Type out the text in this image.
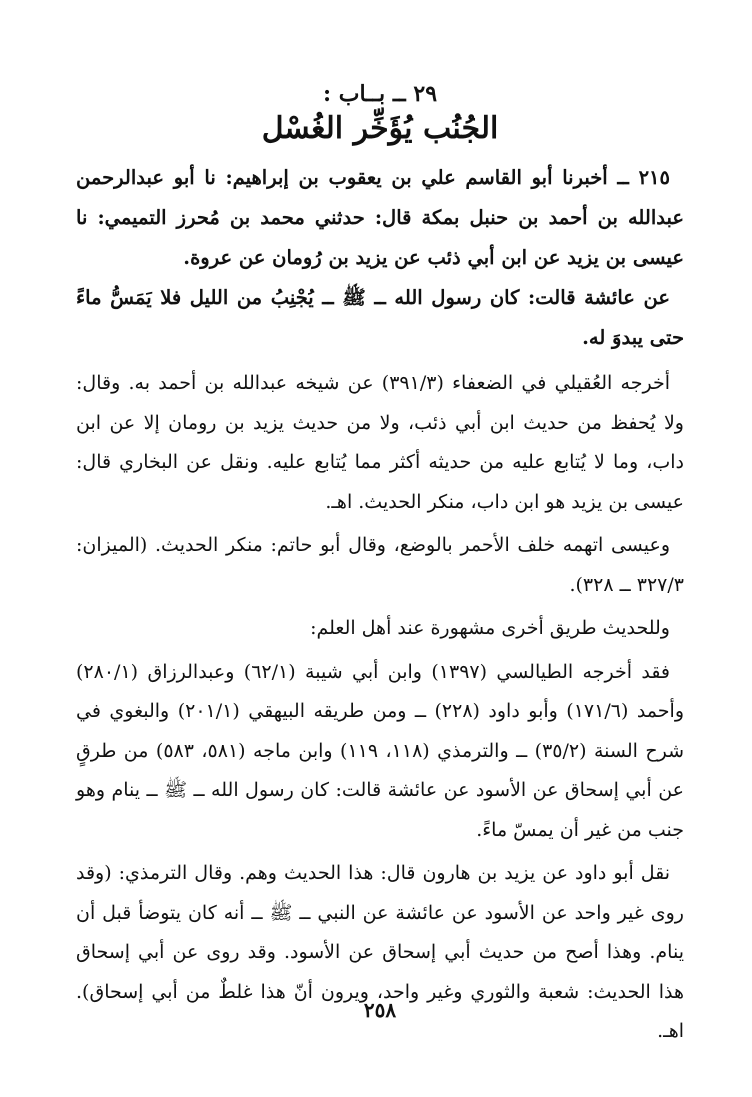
٢٩ ــ بــاب :
الجُنُب يُؤَخِّر الغُسْل

٢١٥ ــ أخبرنا أبو القاسم علي بن يعقوب بن إبراهيم: نا أبو عبدالرحمن عبدالله بن أحمد بن حنبل بمكة قال: حدثني محمد بن مُحرز التميمي: نا عيسى بن يزيد عن ابن أبي ذئب عن يزيد بن رُومان عن عروة.

عن عائشة قالت: كان رسول الله ــ ﷺ ــ يُجْنِبُ من الليل فلا يَمَسُّ ماءً حتى يبدوَ له.

أخرجه العُقيلي في الضعفاء (٣٩١/٣) عن شيخه عبدالله بن أحمد به. وقال: ولا يُحفظ من حديث ابن أبي ذئب، ولا من حديث يزيد بن رومان إلا عن ابن داب، وما لا يُتابع عليه من حديثه أكثر مما يُتابع عليه. ونقل عن البخاري قال: عيسى بن يزيد هو ابن داب، منكر الحديث. اهـ.

وعيسى اتهمه خلف الأحمر بالوضع، وقال أبو حاتم: منكر الحديث. (الميزان: ٣٢٧/٣ ــ ٣٢٨).

وللحديث طريق أخرى مشهورة عند أهل العلم:

فقد أخرجه الطيالسي (١٣٩٧) وابن أبي شيبة (٦٢/١) وعبدالرزاق (٢٨٠/١) وأحمد (١٧١/٦) وأبو داود (٢٢٨) ــ ومن طريقه البيهقي (٢٠١/١) والبغوي في شرح السنة (٣٥/٢) ــ والترمذي (١١٨، ١١٩) وابن ماجه (٥٨١، ٥٨٣) من طرقٍ عن أبي إسحاق عن الأسود عن عائشة قالت: كان رسول الله ــ ﷺ ــ ينام وهو جنب من غير أن يمسّ ماءً.

نقل أبو داود عن يزيد بن هارون قال: هذا الحديث وهم. وقال الترمذي: (وقد روى غير واحد عن الأسود عن عائشة عن النبي ــ ﷺ ــ أنه كان يتوضأ قبل أن ينام. وهذا أصح من حديث أبي إسحاق عن الأسود. وقد روى عن أبي إسحاق هذا الحديث: شعبة والثوري وغير واحد، ويرون أنّ هذا غلطٌ من أبي إسحاق). اهـ.

٢٥٨
